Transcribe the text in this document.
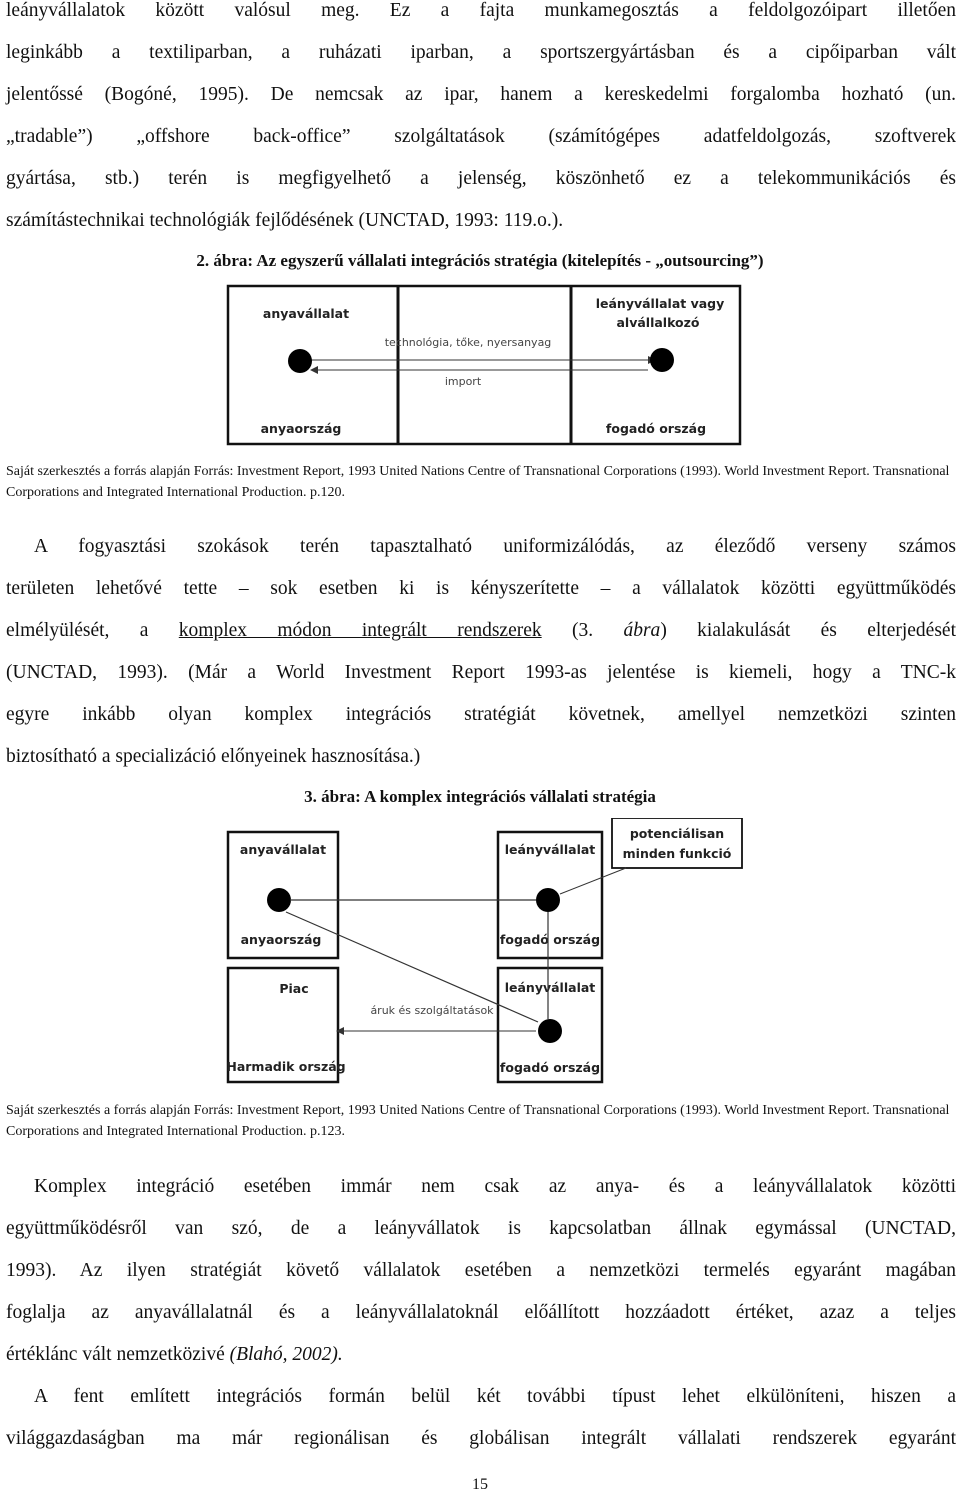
leányvállalatok között valósul meg. Ez a fajta munkamegosztás a feldolgozóipart illetően
leginkább a textiliparban, a ruházati iparban, a sportszergyártásban és a cipőiparban vált
jelentőssé (Bogóné, 1995). De nemcsak az ipar, hanem a kereskedelmi forgalomba hozható (un.
„tradable”) „offshore back-office” szolgáltatások (számítógépes adatfeldolgozás, szoftverek
gyártása, stb.) terén is megfigyelhető a jelenség, köszönhető ez a telekommunikációs és
számítástechnikai technológiák fejlődésének (UNCTAD, 1993: 119.o.).
2. ábra: Az egyszerű vállalati integrációs stratégia (kitelepítés - „outsourcing”)
anyavállalat
anyaország
leányvállalat vagy
alvállalkozó
fogadó ország
technológia, tőke, nyersanyag
import
Saját szerkesztés a forrás alapján Forrás: Investment Report, 1993 United Nations Centre of Transnational Corporations (1993). World Investment Report. Transnational Corporations and Integrated International Production. p.120.
A fogyasztási szokások terén tapasztalható uniformizálódás, az éleződő verseny számos
területen lehetővé tette – sok esetben ki is kényszerítette – a vállalatok közötti együttműködés
elmélyülését, a komplex módon integrált rendszerek (3. ábra) kialakulását és elterjedését
(UNCTAD, 1993). (Már a World Investment Report 1993-as jelentése is kiemeli, hogy a TNC-k
egyre inkább olyan komplex integrációs stratégiát követnek, amellyel nemzetközi szinten
biztosítható a specializáció előnyeinek hasznosítása.)
3. ábra: A komplex integrációs vállalati stratégia
potenciálisan
minden funkció
anyavállalat
anyaország
leányvállalat
fogadó ország
Piac
Harmadik ország
leányvállalat
fogadó ország
áruk és szolgáltatások
Saját szerkesztés a forrás alapján Forrás: Investment Report, 1993 United Nations Centre of Transnational Corporations (1993). World Investment Report. Transnational Corporations and Integrated International Production. p.123.
Komplex integráció esetében immár nem csak az anya- és a leányvállalatok közötti
együttműködésről van szó, de a leányvállatok is kapcsolatban állnak egymással (UNCTAD,
1993). Az ilyen stratégiát követő vállalatok esetében a nemzetközi termelés egyaránt magában
foglalja az anyavállalatnál és a leányvállalatoknál előállított hozzáadott értéket, azaz a teljes
értéklánc vált nemzetközivé (Blahó, 2002).
A fent említett integrációs formán belül két további típust lehet elkülöníteni, hiszen a
világgazdaságban ma már regionálisan és globálisan integrált vállalati rendszerek egyaránt
15
